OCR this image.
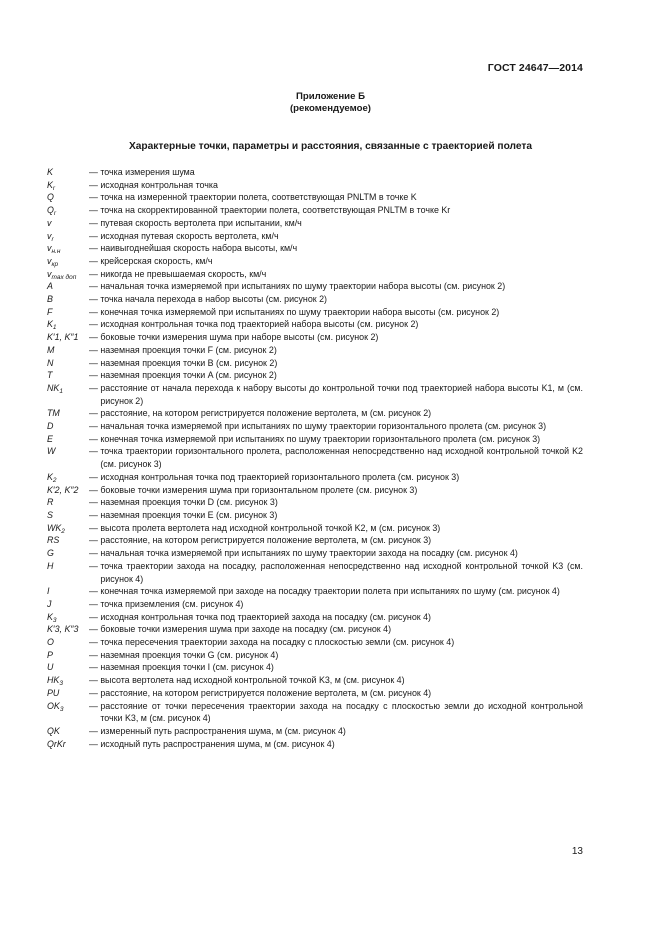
ГОСТ 24647—2014
Приложение Б
(рекомендуемое)
Характерные точки, параметры и расстояния, связанные с траекторией полета
K	— точка измерения шума
$K_r$	— исходная контрольная точка
Q	— точка на измеренной траектории полета, соответствующая PNLTM в точке K
$Q_r$	— точка на скорректированной траектории полета, соответствующая PNLTM в точке Kr
v	— путевая скорость вертолета при испытании, км/ч
$v_r$	— исходная путевая скорость вертолета, км/ч
$v_{н.н}$	— наивыгоднейшая скорость набора высоты, км/ч
$v_{кр}$	— крейсерская скорость, км/ч
$v_{max доп}$	— никогда не превышаемая скорость, км/ч
A	— начальная точка измеряемой при испытаниях по шуму траектории набора высоты (см. рисунок 2)
B	— точка начала перехода в набор высоты (см. рисунок 2)
F	— конечная точка измеряемой при испытаниях по шуму траектории набора высоты (см. рисунок 2)
$K_1$	— исходная контрольная точка под траекторией набора высоты (см. рисунок 2)
K′1, K″1	— боковые точки измерения шума при наборе высоты (см. рисунок 2)
M	— наземная проекция точки F (см. рисунок 2)
N	— наземная проекция точки B (см. рисунок 2)
T	— наземная проекция точки A (см. рисунок 2)
$NK_1$	— расстояние от начала перехода к набору высоты до контрольной точки под траекторией набора высоты K1, м (см. рисунок 2)
TM	— расстояние, на котором регистрируется положение вертолета, м (см. рисунок 2)
D	— начальная точка измеряемой при испытаниях по шуму траектории горизонтального пролета (см. рисунок 3)
E	— конечная точка измеряемой при испытаниях по шуму траектории горизонтального пролета (см. рисунок 3)
W	— точка траектории горизонтального пролета, расположенная непосредственно над исходной контрольной точкой K2 (см. рисунок 3)
$K_2$	— исходная контрольная точка под траекторией горизонтального пролета (см. рисунок 3)
K′2, K″2	— боковые точки измерения шума при горизонтальном пролете (см. рисунок 3)
R	— наземная проекция точки D (см. рисунок 3)
S	— наземная проекция точки E (см. рисунок 3)
$WK_2$	— высота пролета вертолета над исходной контрольной точкой K2, м (см. рисунок 3)
RS	— расстояние, на котором регистрируется положение вертолета, м (см. рисунок 3)
G	— начальная точка измеряемой при испытаниях по шуму траектории захода на посадку (см. рисунок 4)
H	— точка траектории захода на посадку, расположенная непосредственно над исходной контрольной точкой K3 (см. рисунок 4)
I	— конечная точка измеряемой при заходе на посадку траектории полета при испытаниях по шуму (см. рисунок 4)
J	— точка приземления (см. рисунок 4)
$K_3$	— исходная контрольная точка под траекторией захода на посадку (см. рисунок 4)
K′3, K″3	— боковые точки измерения шума при заходе на посадку (см. рисунок 4)
O	— точка пересечения траектории захода на посадку с плоскостью земли (см. рисунок 4)
P	— наземная проекция точки G (см. рисунок 4)
U	— наземная проекция точки I (см. рисунок 4)
$HK_3$	— высота вертолета над исходной контрольной точкой K3, м (см. рисунок 4)
PU	— расстояние, на котором регистрируется положение вертолета, м (см. рисунок 4)
$OK_3$	— расстояние от точки пересечения траектории захода на посадку с плоскостью земли до исходной контрольной точки K3, м (см. рисунок 4)
QK	— измеренный путь распространения шума, м (см. рисунок 4)
QrKr	— исходный путь распространения шума, м (см. рисунок 4)
13
